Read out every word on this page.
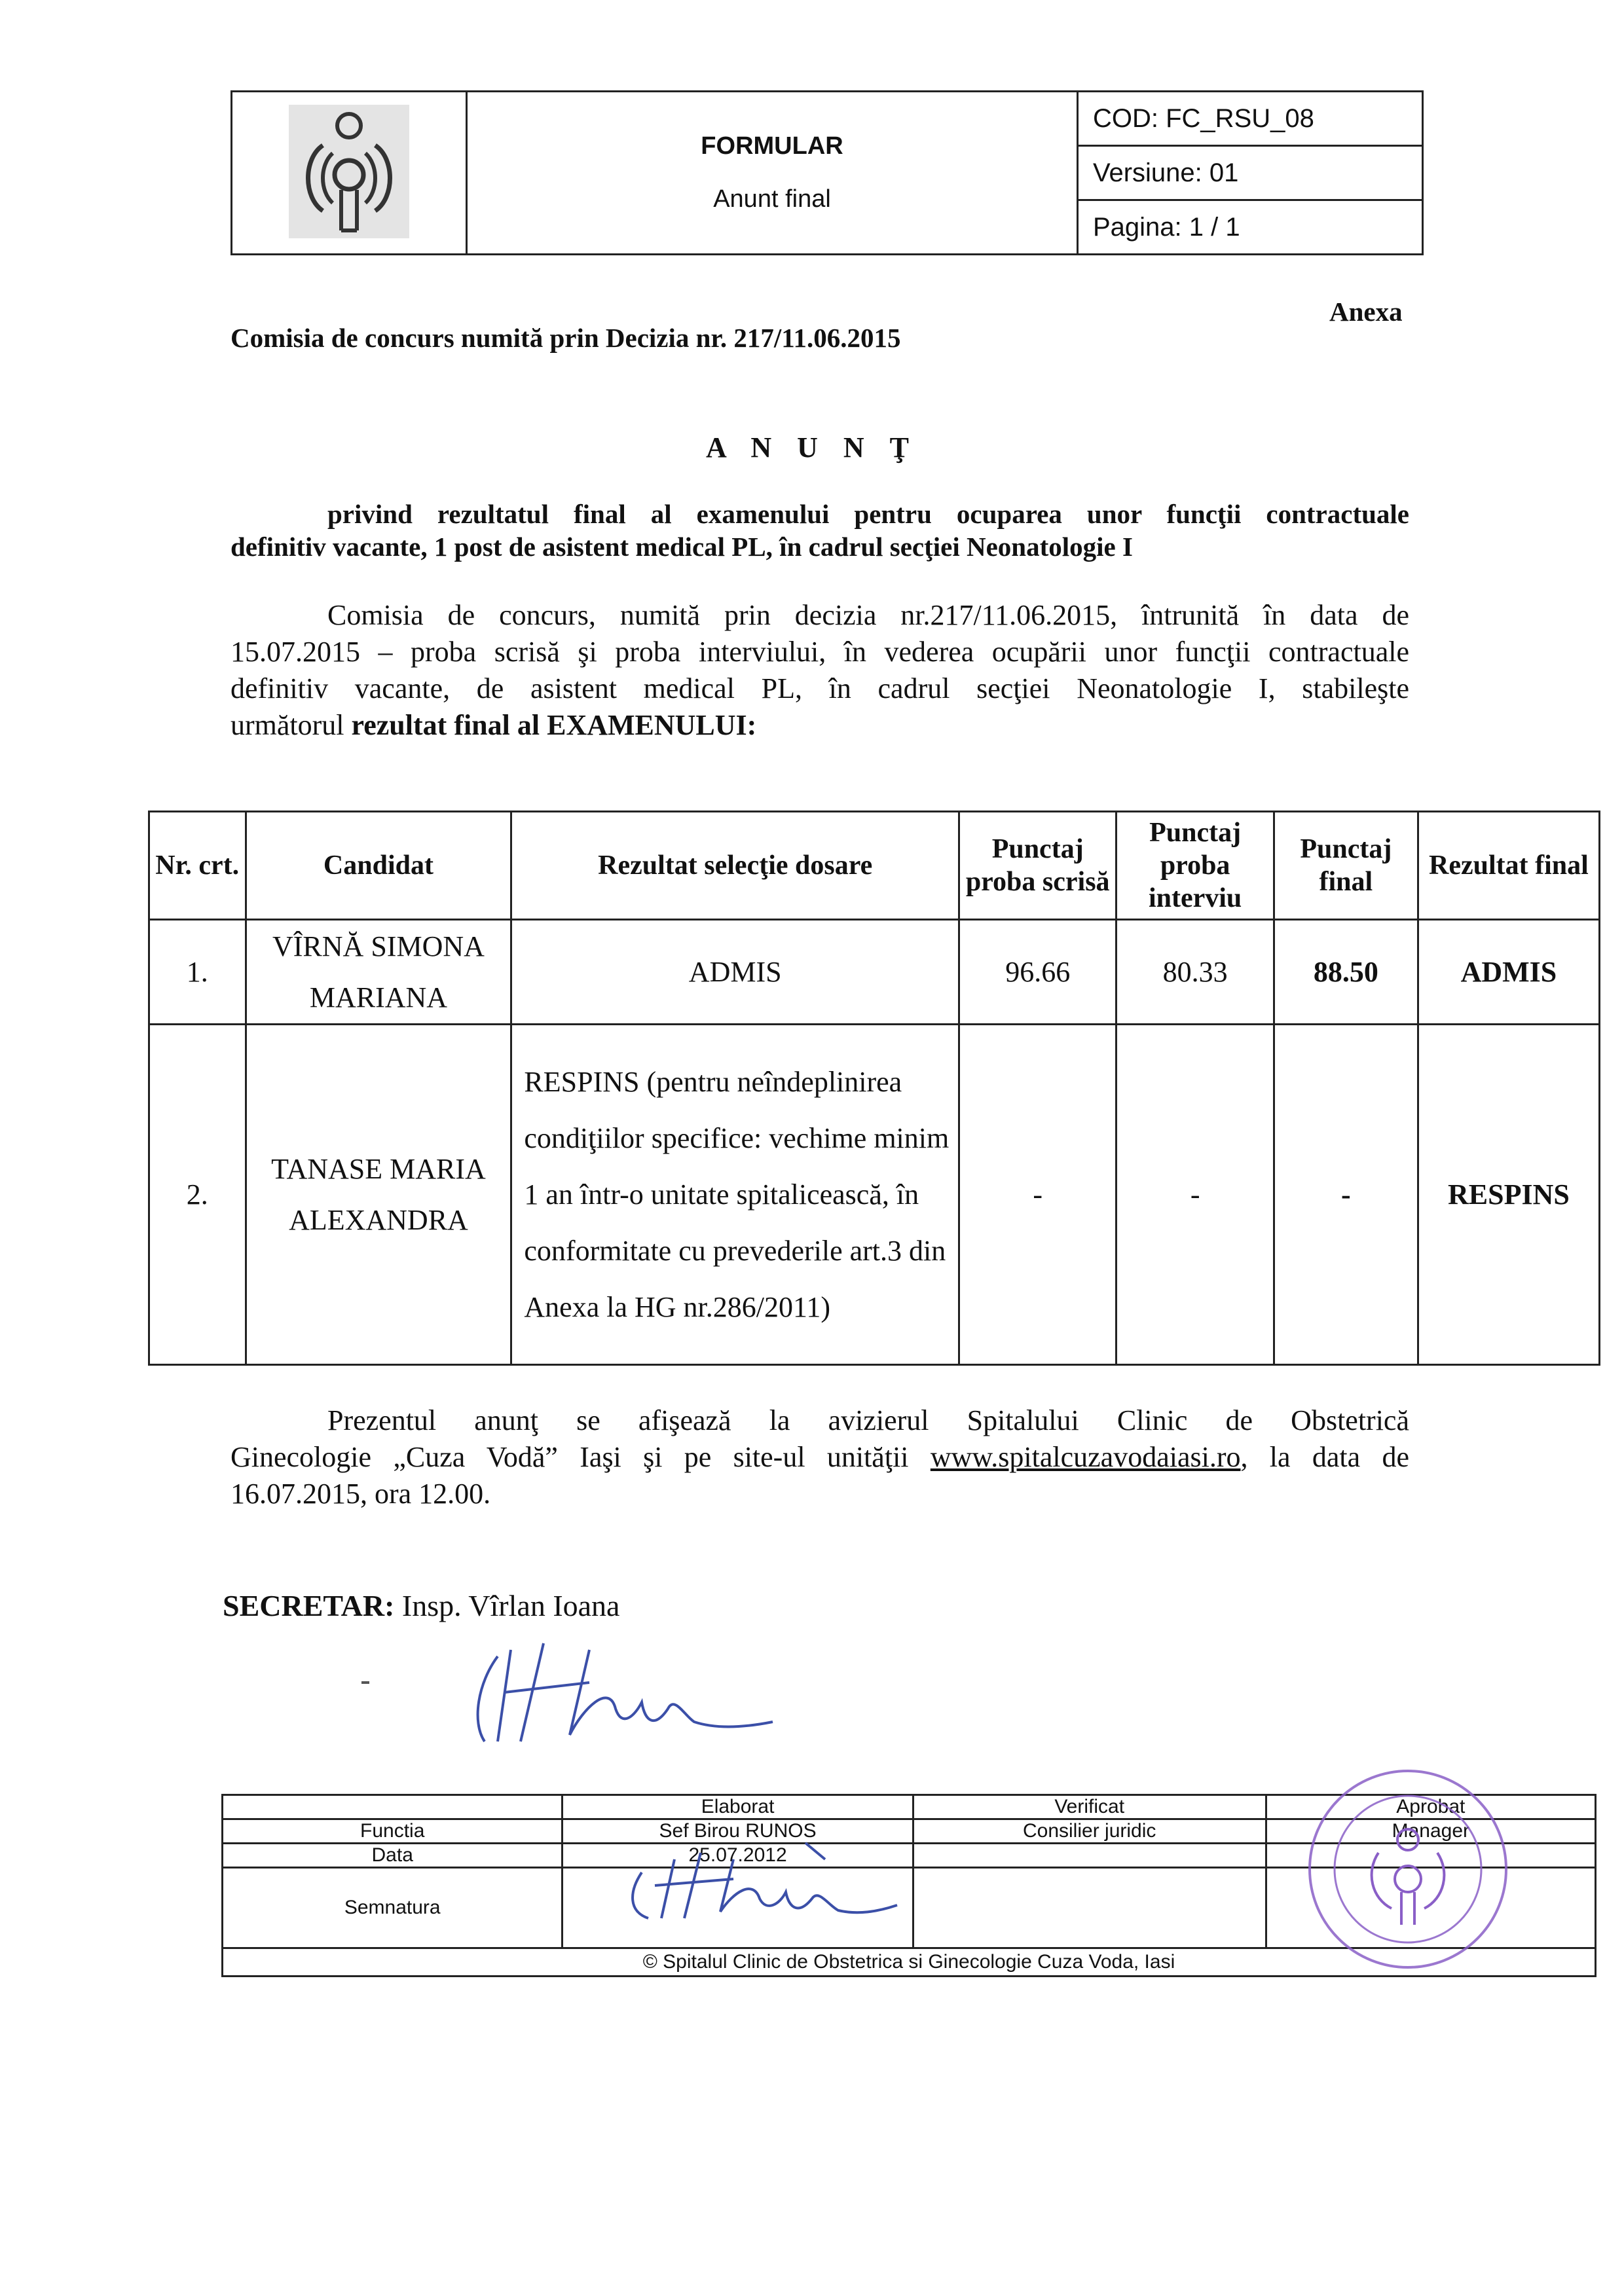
FORMULAR
Anunt final
	COD: FC_RSU_08
Versiune: 01
Pagina: 1 / 1
Anexa
Comisia de concurs numită prin Decizia nr. 217/11.06.2015
A N U N Ţ
privind rezultatul final al examenului pentru ocuparea unor funcţii contractuale
definitiv vacante, 1 post de asistent medical PL, în cadrul secţiei Neonatologie I
Comisia de concurs, numită prin decizia nr.217/11.06.2015, întrunită în data de
15.07.2015 – proba scrisă şi proba interviului, în vederea ocupării unor funcţii contractuale
definitiv vacante, de asistent medical PL, în cadrul secţiei Neonatologie I, stabileşte
următorul rezultat final al EXAMENULUI:
Nr. crt.	Candidat	Rezultat selecţie dosare	Punctaj proba scrisă	Punctaj proba interviu	Punctaj final	Rezultat final
1.	VÎRNĂ SIMONA MARIANA	ADMIS	96.66	80.33	88.50	ADMIS
2.	TANASE MARIA ALEXANDRA	RESPINS (pentru neîndeplinirea condiţiilor specifice: vechime minim 1 an într-o unitate spitalicească, în conformitate cu prevederile art.3 din Anexa la HG nr.286/2011)	-	-	-	RESPINS
Prezentul anunţ se afişează la avizierul Spitalului Clinic de Obstetrică
Ginecologie „Cuza Vodă” Iaşi şi pe site-ul unităţii www.spitalcuzavodaiasi.ro, la data de
16.07.2015, ora 12.00.
SECRETAR: Insp. Vîrlan Ioana
	Elaborat	Verificat	Aprobat
Functia	Sef Birou RUNOS	Consilier juridic	Manager
Data	25.07.2012		
Semnatura			
© Spitalul Clinic de Obstetrica si Ginecologie Cuza Voda, Iasi			
